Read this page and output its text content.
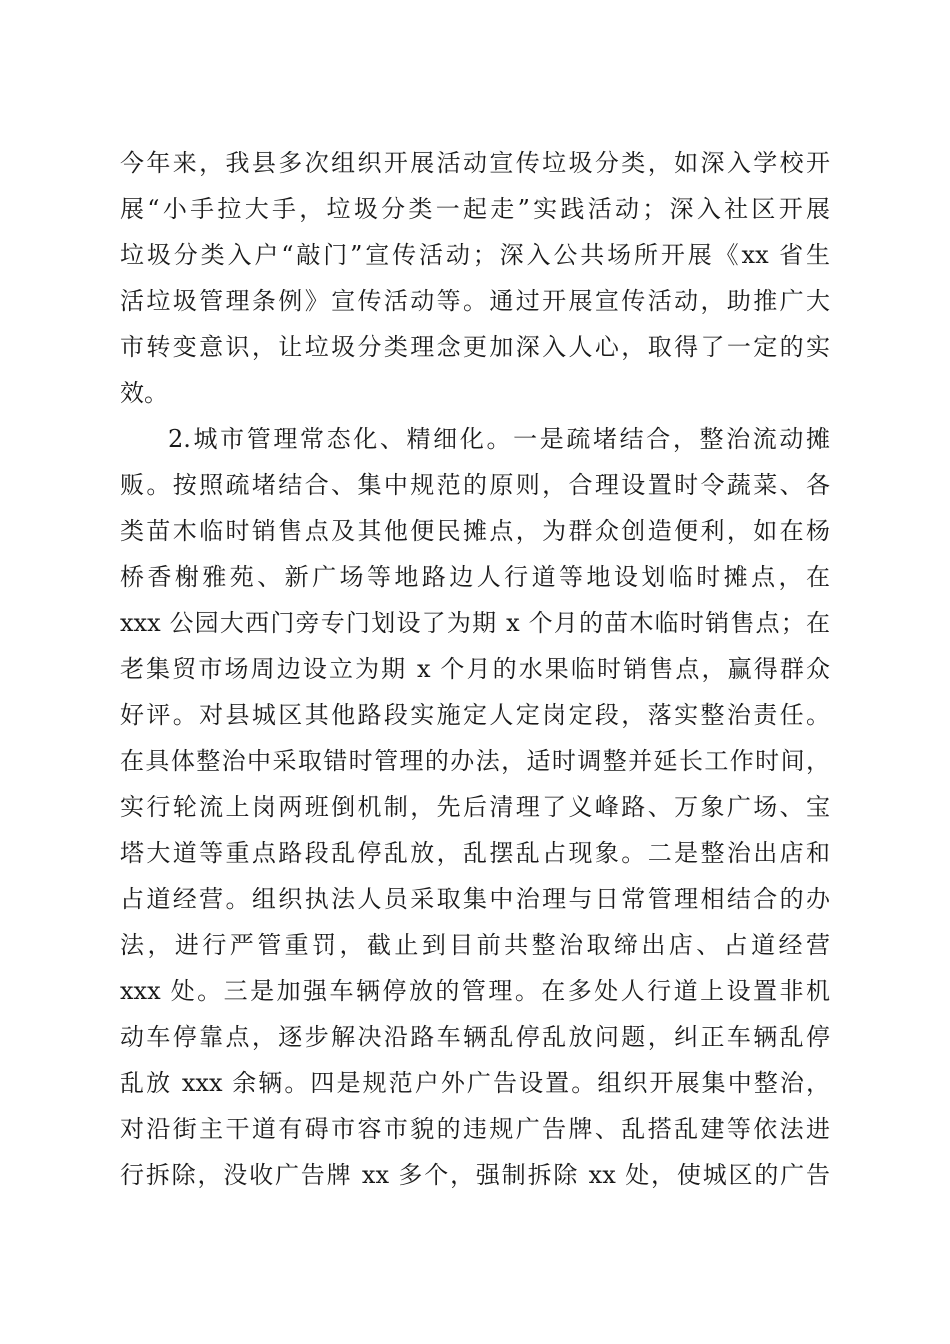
今年来，我县多次组织开展活动宣传垃圾分类，如深入学校开
展“小手拉大手，垃圾分类一起走”实践活动；深入社区开展
垃圾分类入户“敲门”宣传活动；深入公共场所开展《xx 省生
活垃圾管理条例》宣传活动等。通过开展宣传活动，助推广大
市转变意识，让垃圾分类理念更加深入人心，取得了一定的实
效。
2.城市管理常态化、精细化。一是疏堵结合，整治流动摊
贩。按照疏堵结合、集中规范的原则，合理设置时令蔬菜、各
类苗木临时销售点及其他便民摊点，为群众创造便利，如在杨
桥香榭雅苑、新广场等地路边人行道等地设划临时摊点，在
xxx 公园大西门旁专门划设了为期 x 个月的苗木临时销售点；在
老集贸市场周边设立为期 x 个月的水果临时销售点，赢得群众
好评。对县城区其他路段实施定人定岗定段，落实整治责任。
在具体整治中采取错时管理的办法，适时调整并延长工作时间，
实行轮流上岗两班倒机制，先后清理了义峰路、万象广场、宝
塔大道等重点路段乱停乱放，乱摆乱占现象。二是整治出店和
占道经营。组织执法人员采取集中治理与日常管理相结合的办
法，进行严管重罚，截止到目前共整治取缔出店、占道经营
xxx 处。三是加强车辆停放的管理。在多处人行道上设置非机
动车停靠点，逐步解决沿路车辆乱停乱放问题，纠正车辆乱停
乱放 xxx 余辆。四是规范户外广告设置。组织开展集中整治，
对沿街主干道有碍市容市貌的违规广告牌、乱搭乱建等依法进
行拆除，没收广告牌 xx 多个，强制拆除 xx 处，使城区的广告
